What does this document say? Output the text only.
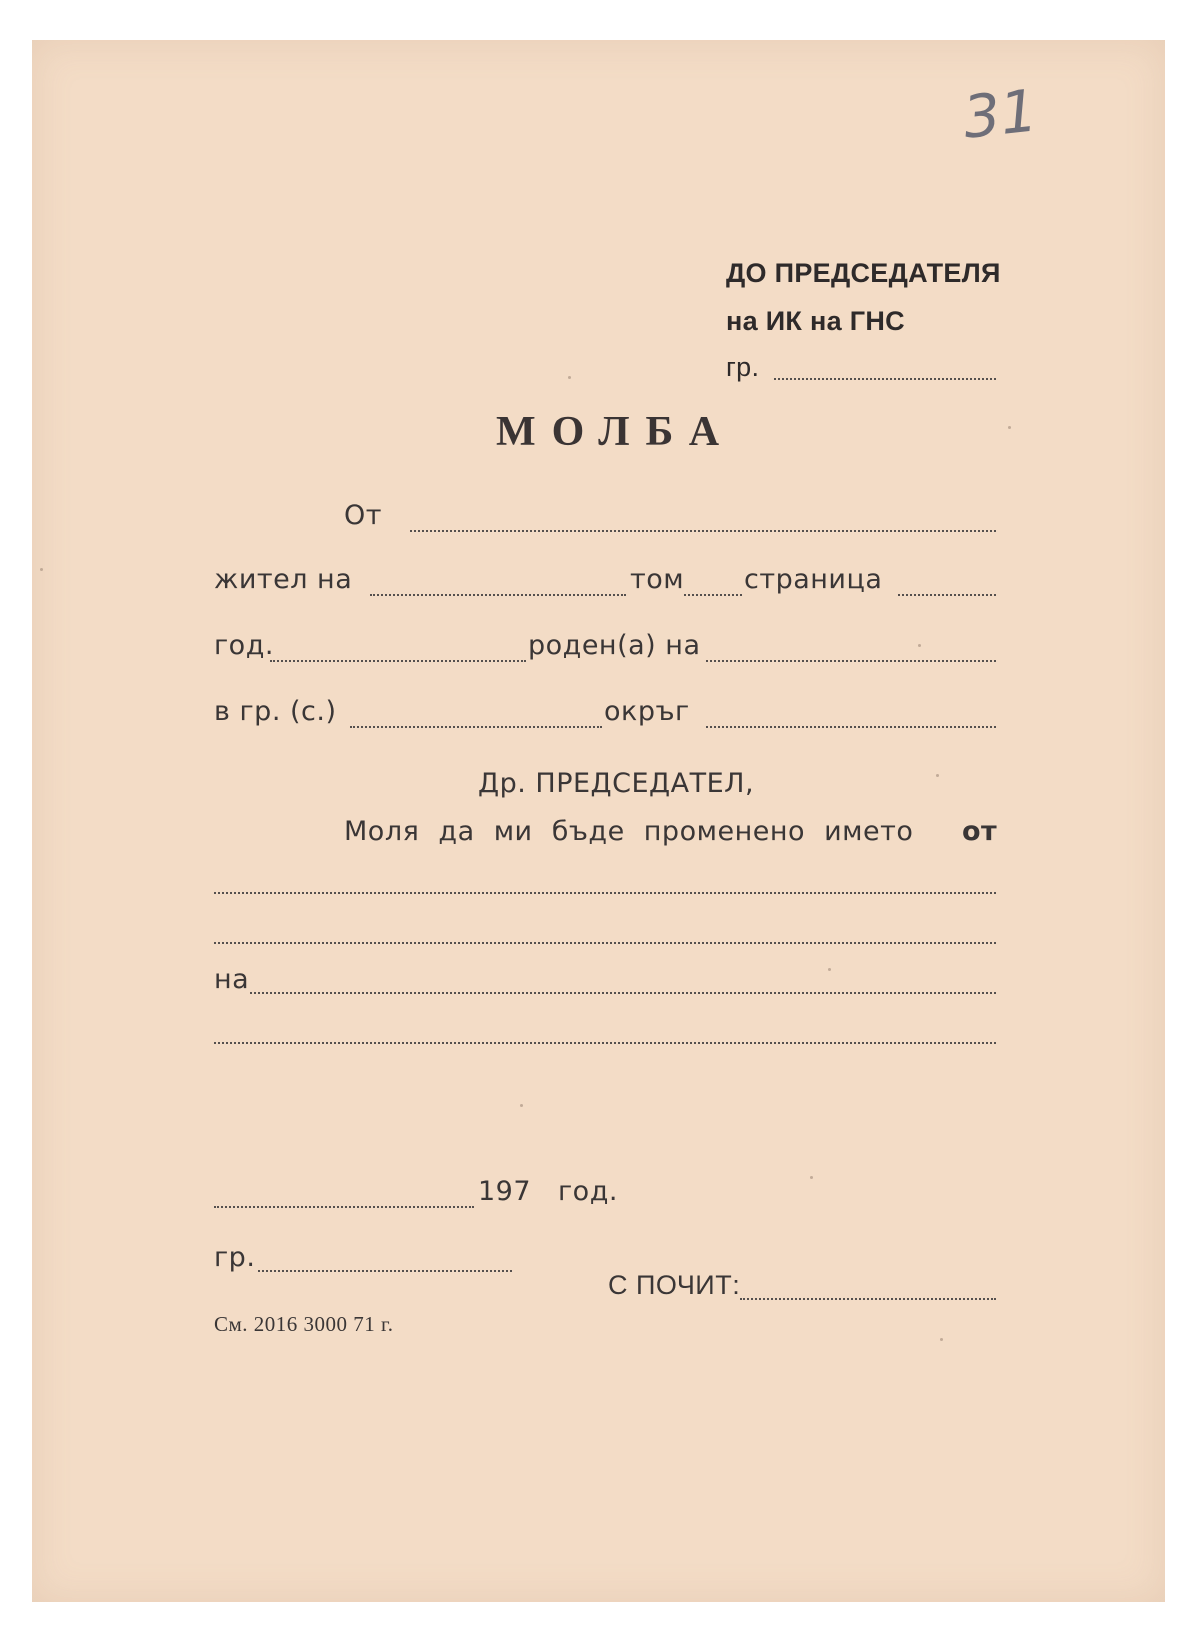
31
ДО ПРЕДСЕДАТЕЛЯ
на ИК на ГНС
гр.
МОЛБА
От
жител на	том страница
год.	роден(а) на
в гр. (с.)	окръг
Др. ПРЕДСЕДАТЕЛ,
Моля да ми бъде променено името от
на
197 год.
гр.
С ПОЧИТ:
См. 2016 3000 71 г.
